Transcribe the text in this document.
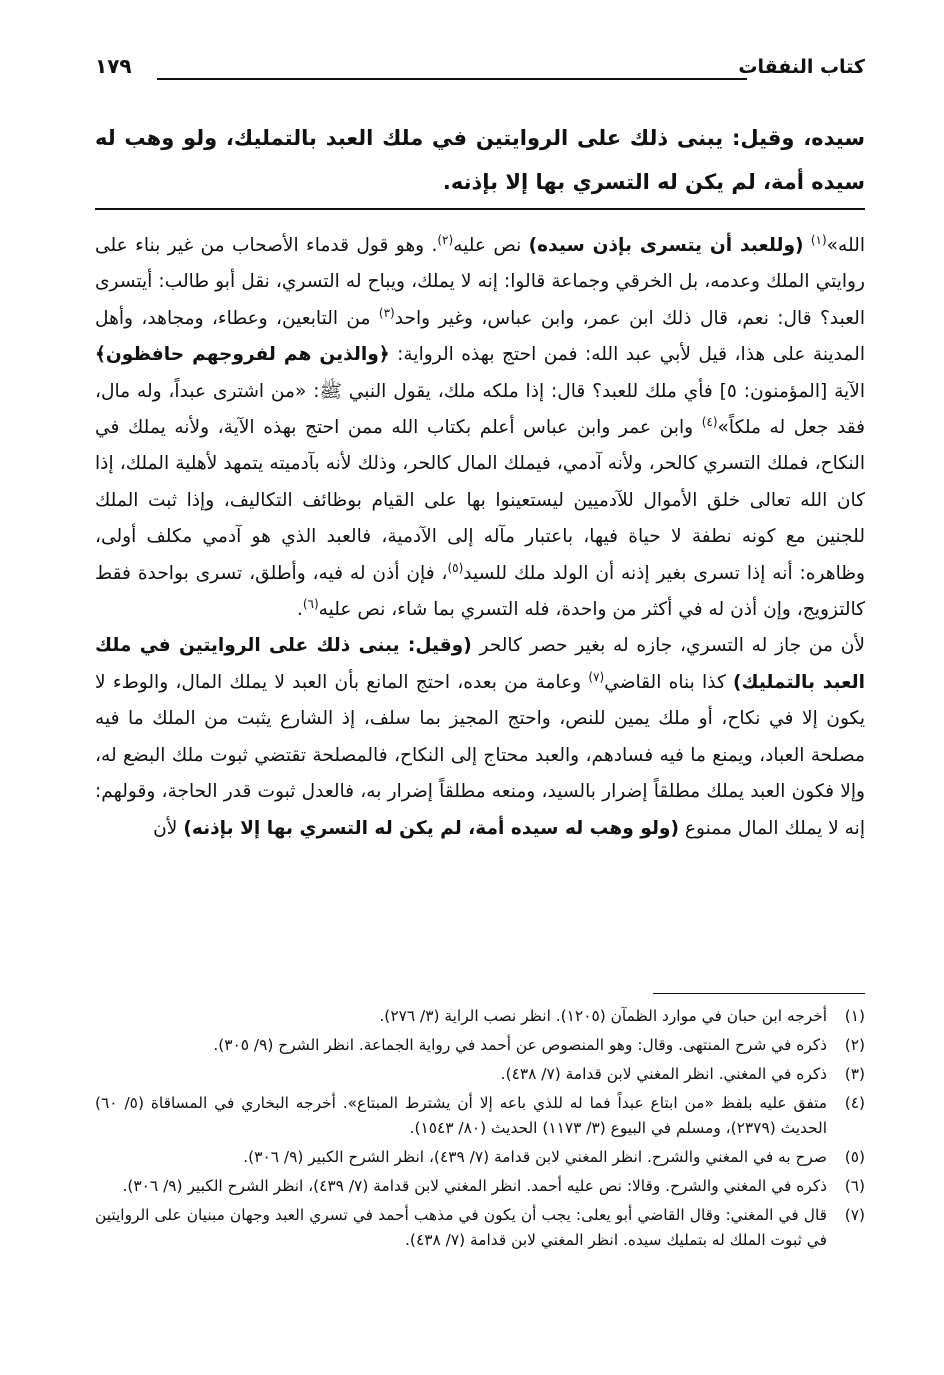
كتاب النفقات
١٧٩

سيده، وقيل: يبنى ذلك على الروايتين في ملك العبد بالتمليك، ولو وهب له سيده أمة، لم يكن له التسري بها إلا بإذنه.

الله»$^{(١)}$ (وللعبد أن يتسرى بإذن سيده) نص عليه$^{(٢)}$. وهو قول قدماء الأصحاب من غير بناء على روايتي الملك وعدمه، بل الخرقي وجماعة قالوا: إنه لا يملك، ويباح له التسري، نقل أبو طالب: أيتسرى العبد؟ قال: نعم، قال ذلك ابن عمر، وابن عباس، وغير واحد$^{(٣)}$ من التابعين، وعطاء، ومجاهد، وأهل المدينة على هذا، قيل لأبي عبد الله: فمن احتج بهذه الرواية: ﴿والذين هم لفروجهم حافظون﴾ الآية [المؤمنون: ٥] فأي ملك للعبد؟ قال: إذا ملكه ملك، يقول النبي ﷺ: «من اشترى عبداً، وله مال، فقد جعل له ملكاً»$^{(٤)}$ وابن عمر وابن عباس أعلم بكتاب الله ممن احتج بهذه الآية، ولأنه يملك في النكاح، فملك التسري كالحر، ولأنه آدمي، فيملك المال كالحر، وذلك لأنه بآدميته يتمهد لأهلية الملك، إذا كان الله تعالى خلق الأموال للآدميين ليستعينوا بها على القيام بوظائف التكاليف، وإذا ثبت الملك للجنين مع كونه نطفة لا حياة فيها، باعتبار مآله إلى الآدمية، فالعبد الذي هو آدمي مكلف أولى، وظاهره: أنه إذا تسرى بغير إذنه أن الولد ملك للسيد$^{(٥)}$، فإن أذن له فيه، وأطلق، تسرى بواحدة فقط كالتزويج، وإن أذن له في أكثر من واحدة، فله التسري بما شاء، نص عليه$^{(٦)}$.

لأن من جاز له التسري، جازه له بغير حصر كالحر (وقيل: يبنى ذلك على الروايتين في ملك العبد بالتمليك) كذا بناه القاضي$^{(٧)}$ وعامة من بعده، احتج المانع بأن العبد لا يملك المال، والوطء لا يكون إلا في نكاح، أو ملك يمين للنص، واحتج المجيز بما سلف، إذ الشارع يثبت من الملك ما فيه مصلحة العباد، ويمنع ما فيه فسادهم، والعبد محتاج إلى النكاح، فالمصلحة تقتضي ثبوت ملك البضع له، وإلا فكون العبد يملك مطلقاً إضرار بالسيد، ومنعه مطلقاً إضرار به، فالعدل ثبوت قدر الحاجة، وقولهم: إنه لا يملك المال ممنوع (ولو وهب له سيده أمة، لم يكن له التسري بها إلا بإذنه) لأن

(١)
أخرجه ابن حبان في موارد الظمآن (١٢٠٥). انظر نصب الراية (٣/ ٢٧٦).
(٢)
ذكره في شرح المنتهى. وقال: وهو المنصوص عن أحمد في رواية الجماعة. انظر الشرح (٩/ ٣٠٥).
(٣)
ذكره في المغني. انظر المغني لابن قدامة (٧/ ٤٣٨).
(٤)
متفق عليه بلفظ «من ابتاع عبداً فما له للذي باعه إلا أن يشترط المبتاع». أخرجه البخاري في المساقاة (٥/ ٦٠) الحديث (٢٣٧٩)، ومسلم في البيوع (٣/ ١١٧٣) الحديث (٨٠/ ١٥٤٣).
(٥)
صرح به في المغني والشرح. انظر المغني لابن قدامة (٧/ ٤٣٩)، انظر الشرح الكبير (٩/ ٣٠٦).
(٦)
ذكره في المغني والشرح. وقالا: نص عليه أحمد. انظر المغني لابن قدامة (٧/ ٤٣٩)، انظر الشرح الكبير (٩/ ٣٠٦).
(٧)
قال في المغني: وقال القاضي أبو يعلى: يجب أن يكون في مذهب أحمد في تسري العبد وجهان مبنيان على الروايتين في ثبوت الملك له بتمليك سيده. انظر المغني لابن قدامة (٧/ ٤٣٨).
